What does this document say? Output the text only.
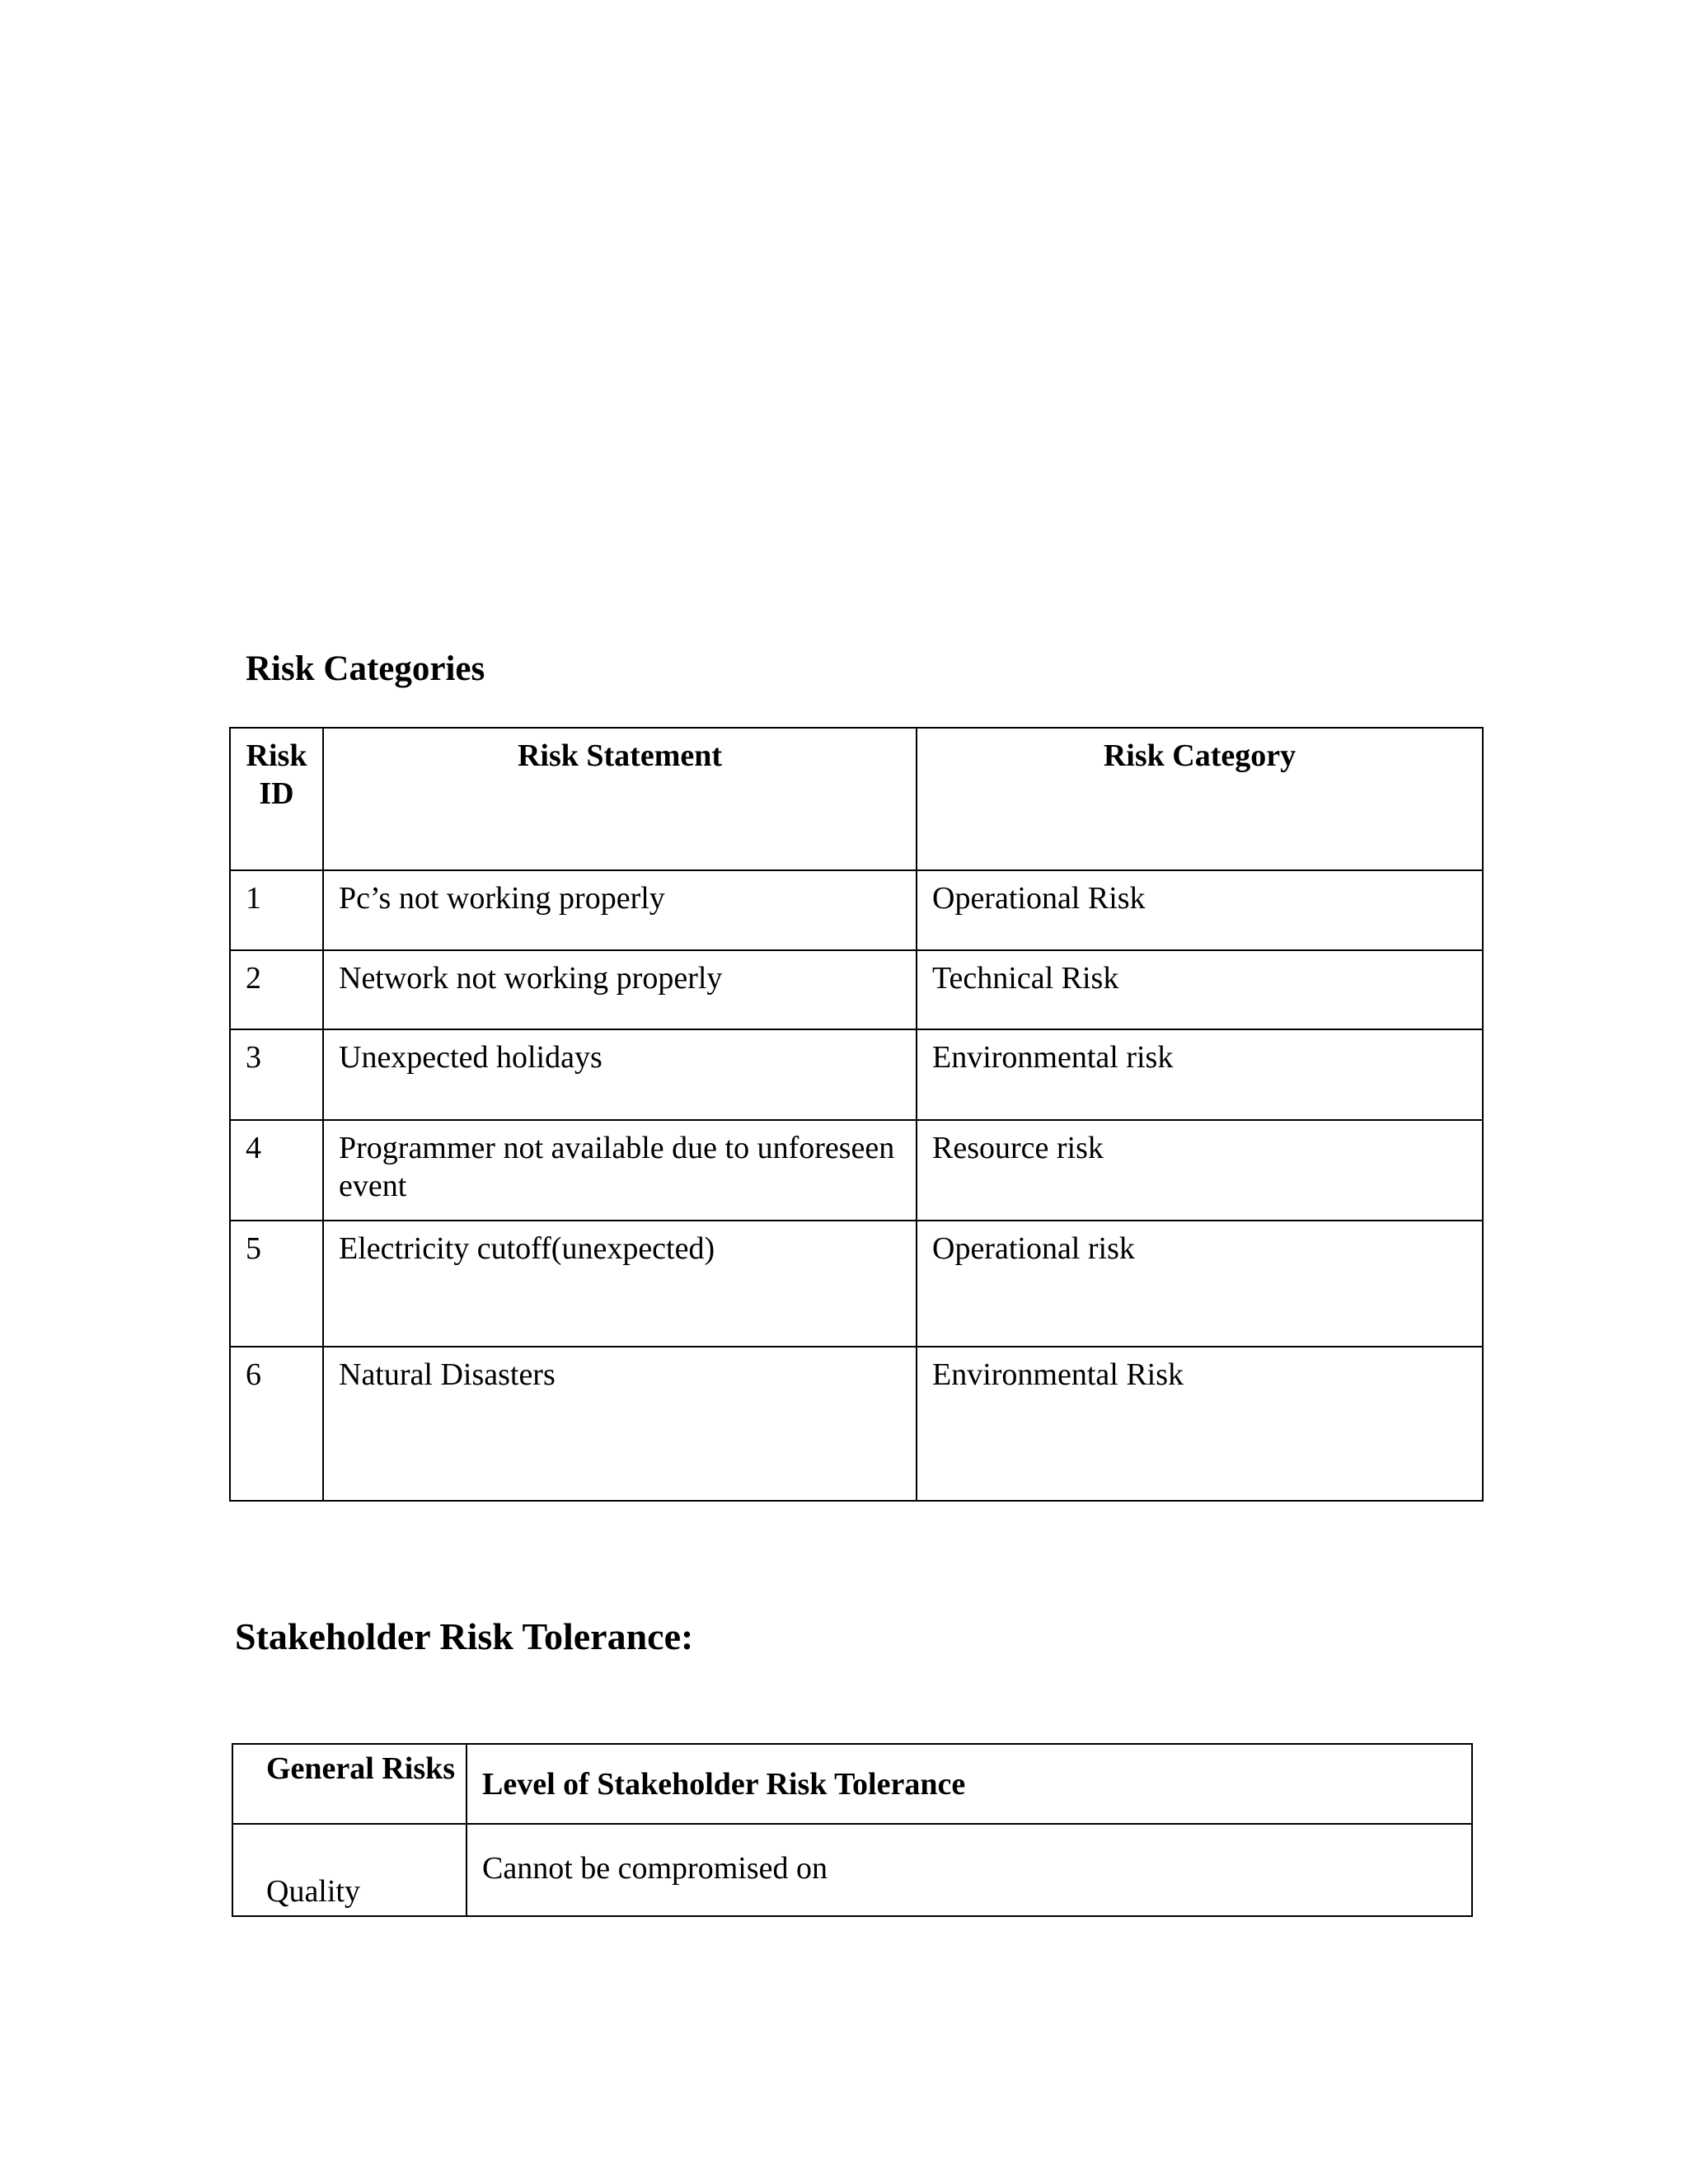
Risk Categories
Risk ID	Risk Statement	Risk Category
1	Pc’s not working properly	Operational Risk
2	Network not working properly	Technical Risk
3	Unexpected holidays	Environmental risk
4	Programmer not available due to unforeseen event	Resource risk
5	Electricity cutoff(unexpected)	Operational risk
6	Natural Disasters	Environmental Risk
Stakeholder Risk Tolerance:
General Risks	Level of Stakeholder Risk Tolerance
Quality	Cannot be compromised on
